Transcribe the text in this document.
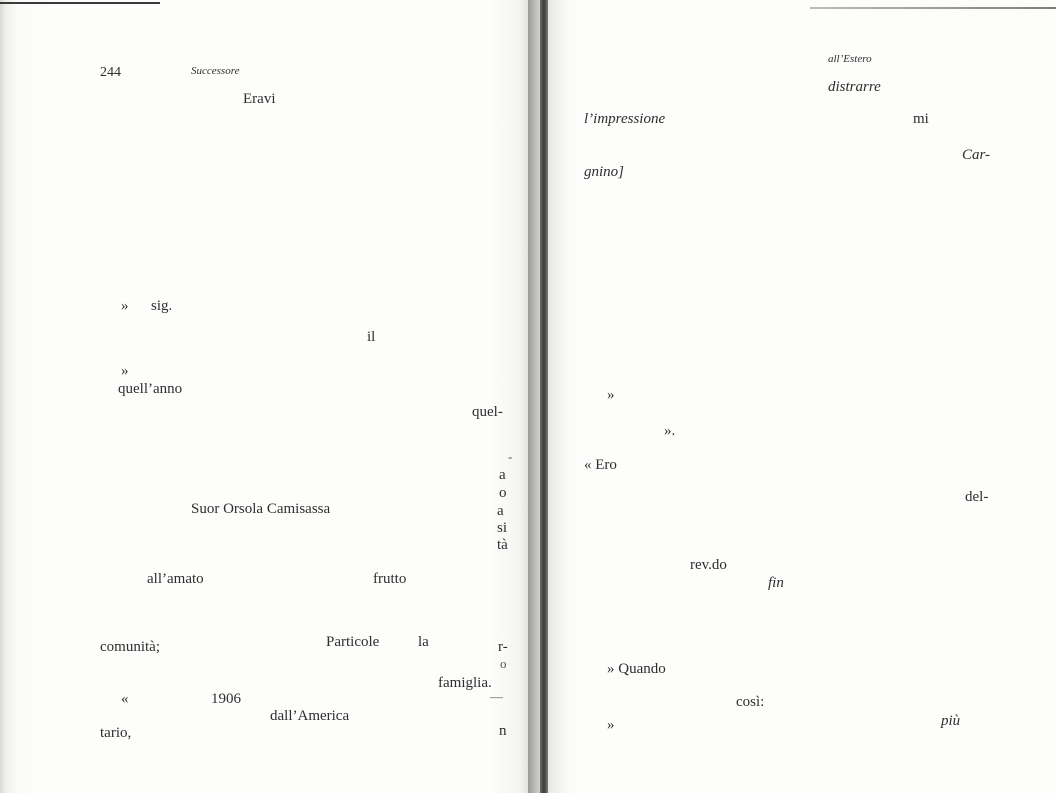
244	Successore
Eravi
» sig.
il
»
quell’anno
quel-
-
a
o
a
si
tà
Suor Orsola Camisassa
all’amato	frutto
Particole	la
comunità;	r-
o
famiglia.
—
«	1906
dall’America
tario,	n
all’Estero
distrarre
l’impressione	mi
Car-
gnino]
»
».
« Ero
del-
rev.do
fin
» Quando
così:
»	più
